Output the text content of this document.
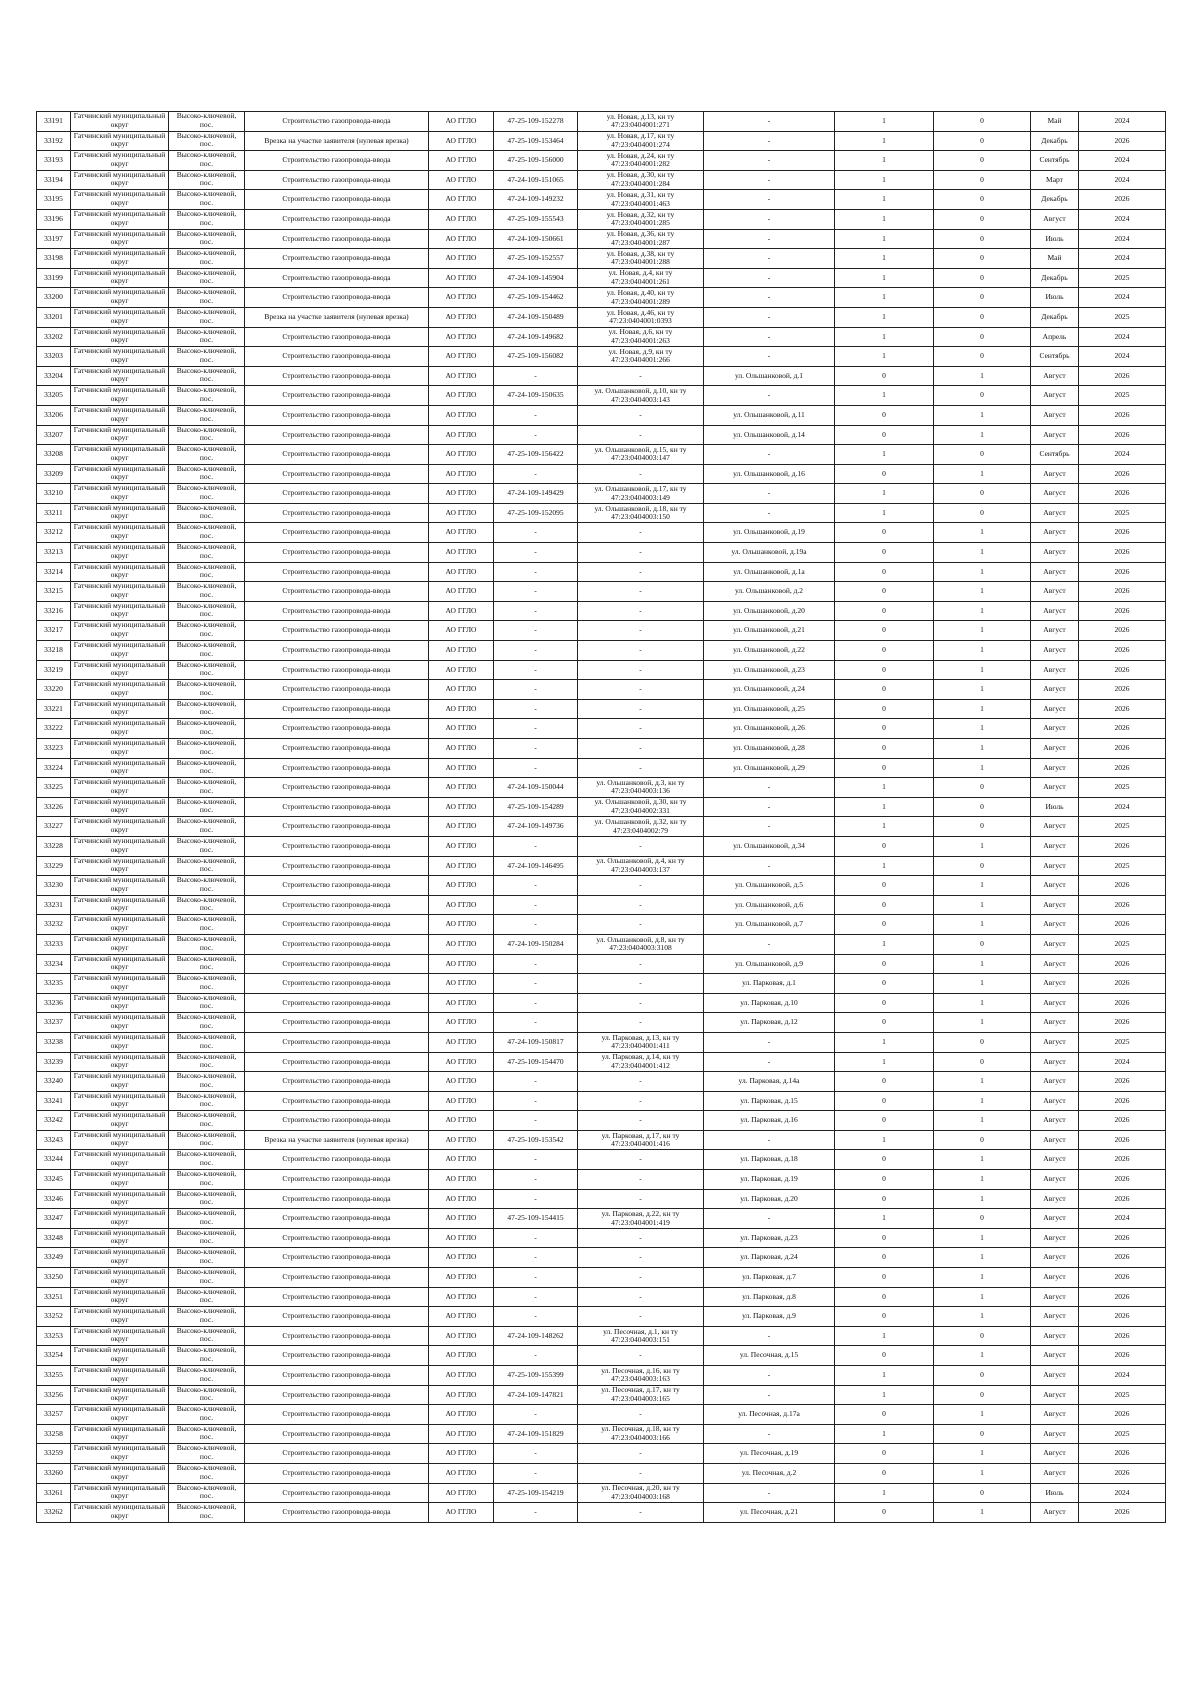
33191	Гатчинский муниципальный округ	Высоко-ключевой, пос.	Строительство газопровода-ввода	АО ГГЛО	47-25-109-152278	ул. Новая, д.13, кн ту 47:23:0404001:271	-	1	0	Май	2024
33192	Гатчинский муниципальный округ	Высоко-ключевой, пос.	Врезка на участке заявителя (нулевая врезка)	АО ГГЛО	47-25-109-153464	ул. Новая, д.17, кн ту 47:23:0404001:274	-	1	0	Декабрь	2026
33193	Гатчинский муниципальный округ	Высоко-ключевой, пос.	Строительство газопровода-ввода	АО ГГЛО	47-25-109-156000	ул. Новая, д.24, кн ту 47:23:0404001:282	-	1	0	Сентябрь	2024
33194	Гатчинский муниципальный округ	Высоко-ключевой, пос.	Строительство газопровода-ввода	АО ГГЛО	47-24-109-151065	ул. Новая, д.30, кн ту 47:23:0404001:284	-	1	0	Март	2024
33195	Гатчинский муниципальный округ	Высоко-ключевой, пос.	Строительство газопровода-ввода	АО ГГЛО	47-24-109-149232	ул. Новая, д.31, кн ту 47:23:0404001:463	-	1	0	Декабрь	2026
33196	Гатчинский муниципальный округ	Высоко-ключевой, пос.	Строительство газопровода-ввода	АО ГГЛО	47-25-109-155543	ул. Новая, д.32, кн ту 47:23:0404001:285	-	1	0	Август	2024
33197	Гатчинский муниципальный округ	Высоко-ключевой, пос.	Строительство газопровода-ввода	АО ГГЛО	47-24-109-150661	ул. Новая, д.36, кн ту 47:23:0404001:287	-	1	0	Июль	2024
33198	Гатчинский муниципальный округ	Высоко-ключевой, пос.	Строительство газопровода-ввода	АО ГГЛО	47-25-109-152557	ул. Новая, д.38, кн ту 47:23:0404001:288	-	1	0	Май	2024
33199	Гатчинский муниципальный округ	Высоко-ключевой, пос.	Строительство газопровода-ввода	АО ГГЛО	47-24-109-145904	ул. Новая, д.4, кн ту 47:23:0404001:261	-	1	0	Декабрь	2025
33200	Гатчинский муниципальный округ	Высоко-ключевой, пос.	Строительство газопровода-ввода	АО ГГЛО	47-25-109-154462	ул. Новая, д.40, кн ту 47:23:0404001:289	-	1	0	Июль	2024
33201	Гатчинский муниципальный округ	Высоко-ключевой, пос.	Врезка на участке заявителя (нулевая врезка)	АО ГГЛО	47-24-109-150489	ул. Новая, д.46, кн ту 47:23:0404001:0393	-	1	0	Декабрь	2025
33202	Гатчинский муниципальный округ	Высоко-ключевой, пос.	Строительство газопровода-ввода	АО ГГЛО	47-24-109-149682	ул. Новая, д.6, кн ту 47:23:0404001:263	-	1	0	Апрель	2024
33203	Гатчинский муниципальный округ	Высоко-ключевой, пос.	Строительство газопровода-ввода	АО ГГЛО	47-25-109-156082	ул. Новая, д.9, кн ту 47:23:0404001:266	-	1	0	Сентябрь	2024
33204	Гатчинский муниципальный округ	Высоко-ключевой, пос.	Строительство газопровода-ввода	АО ГГЛО	-	-	ул. Ольшанковой, д.1	0	1	Август	2026
33205	Гатчинский муниципальный округ	Высоко-ключевой, пос.	Строительство газопровода-ввода	АО ГГЛО	47-24-109-150635	ул. Ольшанковой, д.10, кн ту 47:23:0404003:143	-	1	0	Август	2025
33206	Гатчинский муниципальный округ	Высоко-ключевой, пос.	Строительство газопровода-ввода	АО ГГЛО	-	-	ул. Ольшанковой, д.11	0	1	Август	2026
33207	Гатчинский муниципальный округ	Высоко-ключевой, пос.	Строительство газопровода-ввода	АО ГГЛО	-	-	ул. Ольшанковой, д.14	0	1	Август	2026
33208	Гатчинский муниципальный округ	Высоко-ключевой, пос.	Строительство газопровода-ввода	АО ГГЛО	47-25-109-156422	ул. Ольшанковой, д.15, кн ту 47:23:0404003:147	-	1	0	Сентябрь	2024
33209	Гатчинский муниципальный округ	Высоко-ключевой, пос.	Строительство газопровода-ввода	АО ГГЛО	-	-	ул. Ольшанковой, д.16	0	1	Август	2026
33210	Гатчинский муниципальный округ	Высоко-ключевой, пос.	Строительство газопровода-ввода	АО ГГЛО	47-24-109-149429	ул. Ольшанковой, д.17, кн ту 47:23:0404003:149	-	1	0	Август	2026
33211	Гатчинский муниципальный округ	Высоко-ключевой, пос.	Строительство газопровода-ввода	АО ГГЛО	47-25-109-152095	ул. Ольшанковой, д.18, кн ту 47:23:0404003:150	-	1	0	Август	2025
33212	Гатчинский муниципальный округ	Высоко-ключевой, пос.	Строительство газопровода-ввода	АО ГГЛО	-	-	ул. Ольшанковой, д.19	0	1	Август	2026
33213	Гатчинский муниципальный округ	Высоко-ключевой, пос.	Строительство газопровода-ввода	АО ГГЛО	-	-	ул. Ольшанковой, д.19а	0	1	Август	2026
33214	Гатчинский муниципальный округ	Высоко-ключевой, пос.	Строительство газопровода-ввода	АО ГГЛО	-	-	ул. Ольшанковой, д.1а	0	1	Август	2026
33215	Гатчинский муниципальный округ	Высоко-ключевой, пос.	Строительство газопровода-ввода	АО ГГЛО	-	-	ул. Ольшанковой, д.2	0	1	Август	2026
33216	Гатчинский муниципальный округ	Высоко-ключевой, пос.	Строительство газопровода-ввода	АО ГГЛО	-	-	ул. Ольшанковой, д.20	0	1	Август	2026
33217	Гатчинский муниципальный округ	Высоко-ключевой, пос.	Строительство газопровода-ввода	АО ГГЛО	-	-	ул. Ольшанковой, д.21	0	1	Август	2026
33218	Гатчинский муниципальный округ	Высоко-ключевой, пос.	Строительство газопровода-ввода	АО ГГЛО	-	-	ул. Ольшанковой, д.22	0	1	Август	2026
33219	Гатчинский муниципальный округ	Высоко-ключевой, пос.	Строительство газопровода-ввода	АО ГГЛО	-	-	ул. Ольшанковой, д.23	0	1	Август	2026
33220	Гатчинский муниципальный округ	Высоко-ключевой, пос.	Строительство газопровода-ввода	АО ГГЛО	-	-	ул. Ольшанковой, д.24	0	1	Август	2026
33221	Гатчинский муниципальный округ	Высоко-ключевой, пос.	Строительство газопровода-ввода	АО ГГЛО	-	-	ул. Ольшанковой, д.25	0	1	Август	2026
33222	Гатчинский муниципальный округ	Высоко-ключевой, пос.	Строительство газопровода-ввода	АО ГГЛО	-	-	ул. Ольшанковой, д.26	0	1	Август	2026
33223	Гатчинский муниципальный округ	Высоко-ключевой, пос.	Строительство газопровода-ввода	АО ГГЛО	-	-	ул. Ольшанковой, д.28	0	1	Август	2026
33224	Гатчинский муниципальный округ	Высоко-ключевой, пос.	Строительство газопровода-ввода	АО ГГЛО	-	-	ул. Ольшанковой, д.29	0	1	Август	2026
33225	Гатчинский муниципальный округ	Высоко-ключевой, пос.	Строительство газопровода-ввода	АО ГГЛО	47-24-109-150044	ул. Ольшанковой, д.3, кн ту 47:23:0404003:136	-	1	0	Август	2025
33226	Гатчинский муниципальный округ	Высоко-ключевой, пос.	Строительство газопровода-ввода	АО ГГЛО	47-25-109-154289	ул. Ольшанковой, д.30, кн ту 47:23:0404002:331	-	1	0	Июль	2024
33227	Гатчинский муниципальный округ	Высоко-ключевой, пос.	Строительство газопровода-ввода	АО ГГЛО	47-24-109-149736	ул. Ольшанковой, д.32, кн ту 47:23:0404002:79	-	1	0	Август	2025
33228	Гатчинский муниципальный округ	Высоко-ключевой, пос.	Строительство газопровода-ввода	АО ГГЛО	-	-	ул. Ольшанковой, д.34	0	1	Август	2026
33229	Гатчинский муниципальный округ	Высоко-ключевой, пос.	Строительство газопровода-ввода	АО ГГЛО	47-24-109-146495	ул. Ольшанковой, д.4, кн ту 47:23:0404003:137	-	1	0	Август	2025
33230	Гатчинский муниципальный округ	Высоко-ключевой, пос.	Строительство газопровода-ввода	АО ГГЛО	-	-	ул. Ольшанковой, д.5	0	1	Август	2026
33231	Гатчинский муниципальный округ	Высоко-ключевой, пос.	Строительство газопровода-ввода	АО ГГЛО	-	-	ул. Ольшанковой, д.6	0	1	Август	2026
33232	Гатчинский муниципальный округ	Высоко-ключевой, пос.	Строительство газопровода-ввода	АО ГГЛО	-	-	ул. Ольшанковой, д.7	0	1	Август	2026
33233	Гатчинский муниципальный округ	Высоко-ключевой, пос.	Строительство газопровода-ввода	АО ГГЛО	47-24-109-150284	ул. Ольшанковой, д.8, кн ту 47:23:0404003:3108	-	1	0	Август	2025
33234	Гатчинский муниципальный округ	Высоко-ключевой, пос.	Строительство газопровода-ввода	АО ГГЛО	-	-	ул. Ольшанковой, д.9	0	1	Август	2026
33235	Гатчинский муниципальный округ	Высоко-ключевой, пос.	Строительство газопровода-ввода	АО ГГЛО	-	-	ул. Парковая, д.1	0	1	Август	2026
33236	Гатчинский муниципальный округ	Высоко-ключевой, пос.	Строительство газопровода-ввода	АО ГГЛО	-	-	ул. Парковая, д.10	0	1	Август	2026
33237	Гатчинский муниципальный округ	Высоко-ключевой, пос.	Строительство газопровода-ввода	АО ГГЛО	-	-	ул. Парковая, д.12	0	1	Август	2026
33238	Гатчинский муниципальный округ	Высоко-ключевой, пос.	Строительство газопровода-ввода	АО ГГЛО	47-24-109-150817	ул. Парковая, д.13, кн ту 47:23:0404001:411	-	1	0	Август	2025
33239	Гатчинский муниципальный округ	Высоко-ключевой, пос.	Строительство газопровода-ввода	АО ГГЛО	47-25-109-154470	ул. Парковая, д.14, кн ту 47:23:0404001:412	-	1	0	Август	2024
33240	Гатчинский муниципальный округ	Высоко-ключевой, пос.	Строительство газопровода-ввода	АО ГГЛО	-	-	ул. Парковая, д.14а	0	1	Август	2026
33241	Гатчинский муниципальный округ	Высоко-ключевой, пос.	Строительство газопровода-ввода	АО ГГЛО	-	-	ул. Парковая, д.15	0	1	Август	2026
33242	Гатчинский муниципальный округ	Высоко-ключевой, пос.	Строительство газопровода-ввода	АО ГГЛО	-	-	ул. Парковая, д.16	0	1	Август	2026
33243	Гатчинский муниципальный округ	Высоко-ключевой, пос.	Врезка на участке заявителя (нулевая врезка)	АО ГГЛО	47-25-109-153542	ул. Парковая, д.17, кн ту 47:23:0404001:416	-	1	0	Август	2026
33244	Гатчинский муниципальный округ	Высоко-ключевой, пос.	Строительство газопровода-ввода	АО ГГЛО	-	-	ул. Парковая, д.18	0	1	Август	2026
33245	Гатчинский муниципальный округ	Высоко-ключевой, пос.	Строительство газопровода-ввода	АО ГГЛО	-	-	ул. Парковая, д.19	0	1	Август	2026
33246	Гатчинский муниципальный округ	Высоко-ключевой, пос.	Строительство газопровода-ввода	АО ГГЛО	-	-	ул. Парковая, д.20	0	1	Август	2026
33247	Гатчинский муниципальный округ	Высоко-ключевой, пос.	Строительство газопровода-ввода	АО ГГЛО	47-25-109-154415	ул. Парковая, д.22, кн ту 47:23:0404001:419	-	1	0	Август	2024
33248	Гатчинский муниципальный округ	Высоко-ключевой, пос.	Строительство газопровода-ввода	АО ГГЛО	-	-	ул. Парковая, д.23	0	1	Август	2026
33249	Гатчинский муниципальный округ	Высоко-ключевой, пос.	Строительство газопровода-ввода	АО ГГЛО	-	-	ул. Парковая, д.24	0	1	Август	2026
33250	Гатчинский муниципальный округ	Высоко-ключевой, пос.	Строительство газопровода-ввода	АО ГГЛО	-	-	ул. Парковая, д.7	0	1	Август	2026
33251	Гатчинский муниципальный округ	Высоко-ключевой, пос.	Строительство газопровода-ввода	АО ГГЛО	-	-	ул. Парковая, д.8	0	1	Август	2026
33252	Гатчинский муниципальный округ	Высоко-ключевой, пос.	Строительство газопровода-ввода	АО ГГЛО	-	-	ул. Парковая, д.9	0	1	Август	2026
33253	Гатчинский муниципальный округ	Высоко-ключевой, пос.	Строительство газопровода-ввода	АО ГГЛО	47-24-109-148262	ул. Песочная, д.1, кн ту 47:23:0404003:151	-	1	0	Август	2026
33254	Гатчинский муниципальный округ	Высоко-ключевой, пос.	Строительство газопровода-ввода	АО ГГЛО	-	-	ул. Песочная, д.15	0	1	Август	2026
33255	Гатчинский муниципальный округ	Высоко-ключевой, пос.	Строительство газопровода-ввода	АО ГГЛО	47-25-109-155399	ул. Песочная, д.16, кн ту 47:23:0404003:163	-	1	0	Август	2024
33256	Гатчинский муниципальный округ	Высоко-ключевой, пос.	Строительство газопровода-ввода	АО ГГЛО	47-24-109-147821	ул. Песочная, д.17, кн ту 47:23:0404003:165	-	1	0	Август	2025
33257	Гатчинский муниципальный округ	Высоко-ключевой, пос.	Строительство газопровода-ввода	АО ГГЛО	-	-	ул. Песочная, д.17а	0	1	Август	2026
33258	Гатчинский муниципальный округ	Высоко-ключевой, пос.	Строительство газопровода-ввода	АО ГГЛО	47-24-109-151829	ул. Песочная, д.18, кн ту 47:23:0404003:166	-	1	0	Август	2025
33259	Гатчинский муниципальный округ	Высоко-ключевой, пос.	Строительство газопровода-ввода	АО ГГЛО	-	-	ул. Песочная, д.19	0	1	Август	2026
33260	Гатчинский муниципальный округ	Высоко-ключевой, пос.	Строительство газопровода-ввода	АО ГГЛО	-	-	ул. Песочная, д.2	0	1	Август	2026
33261	Гатчинский муниципальный округ	Высоко-ключевой, пос.	Строительство газопровода-ввода	АО ГГЛО	47-25-109-154219	ул. Песочная, д.20, кн ту 47:23:0404003:168	-	1	0	Июль	2024
33262	Гатчинский муниципальный округ	Высоко-ключевой, пос.	Строительство газопровода-ввода	АО ГГЛО	-	-	ул. Песочная, д.21	0	1	Август	2026
